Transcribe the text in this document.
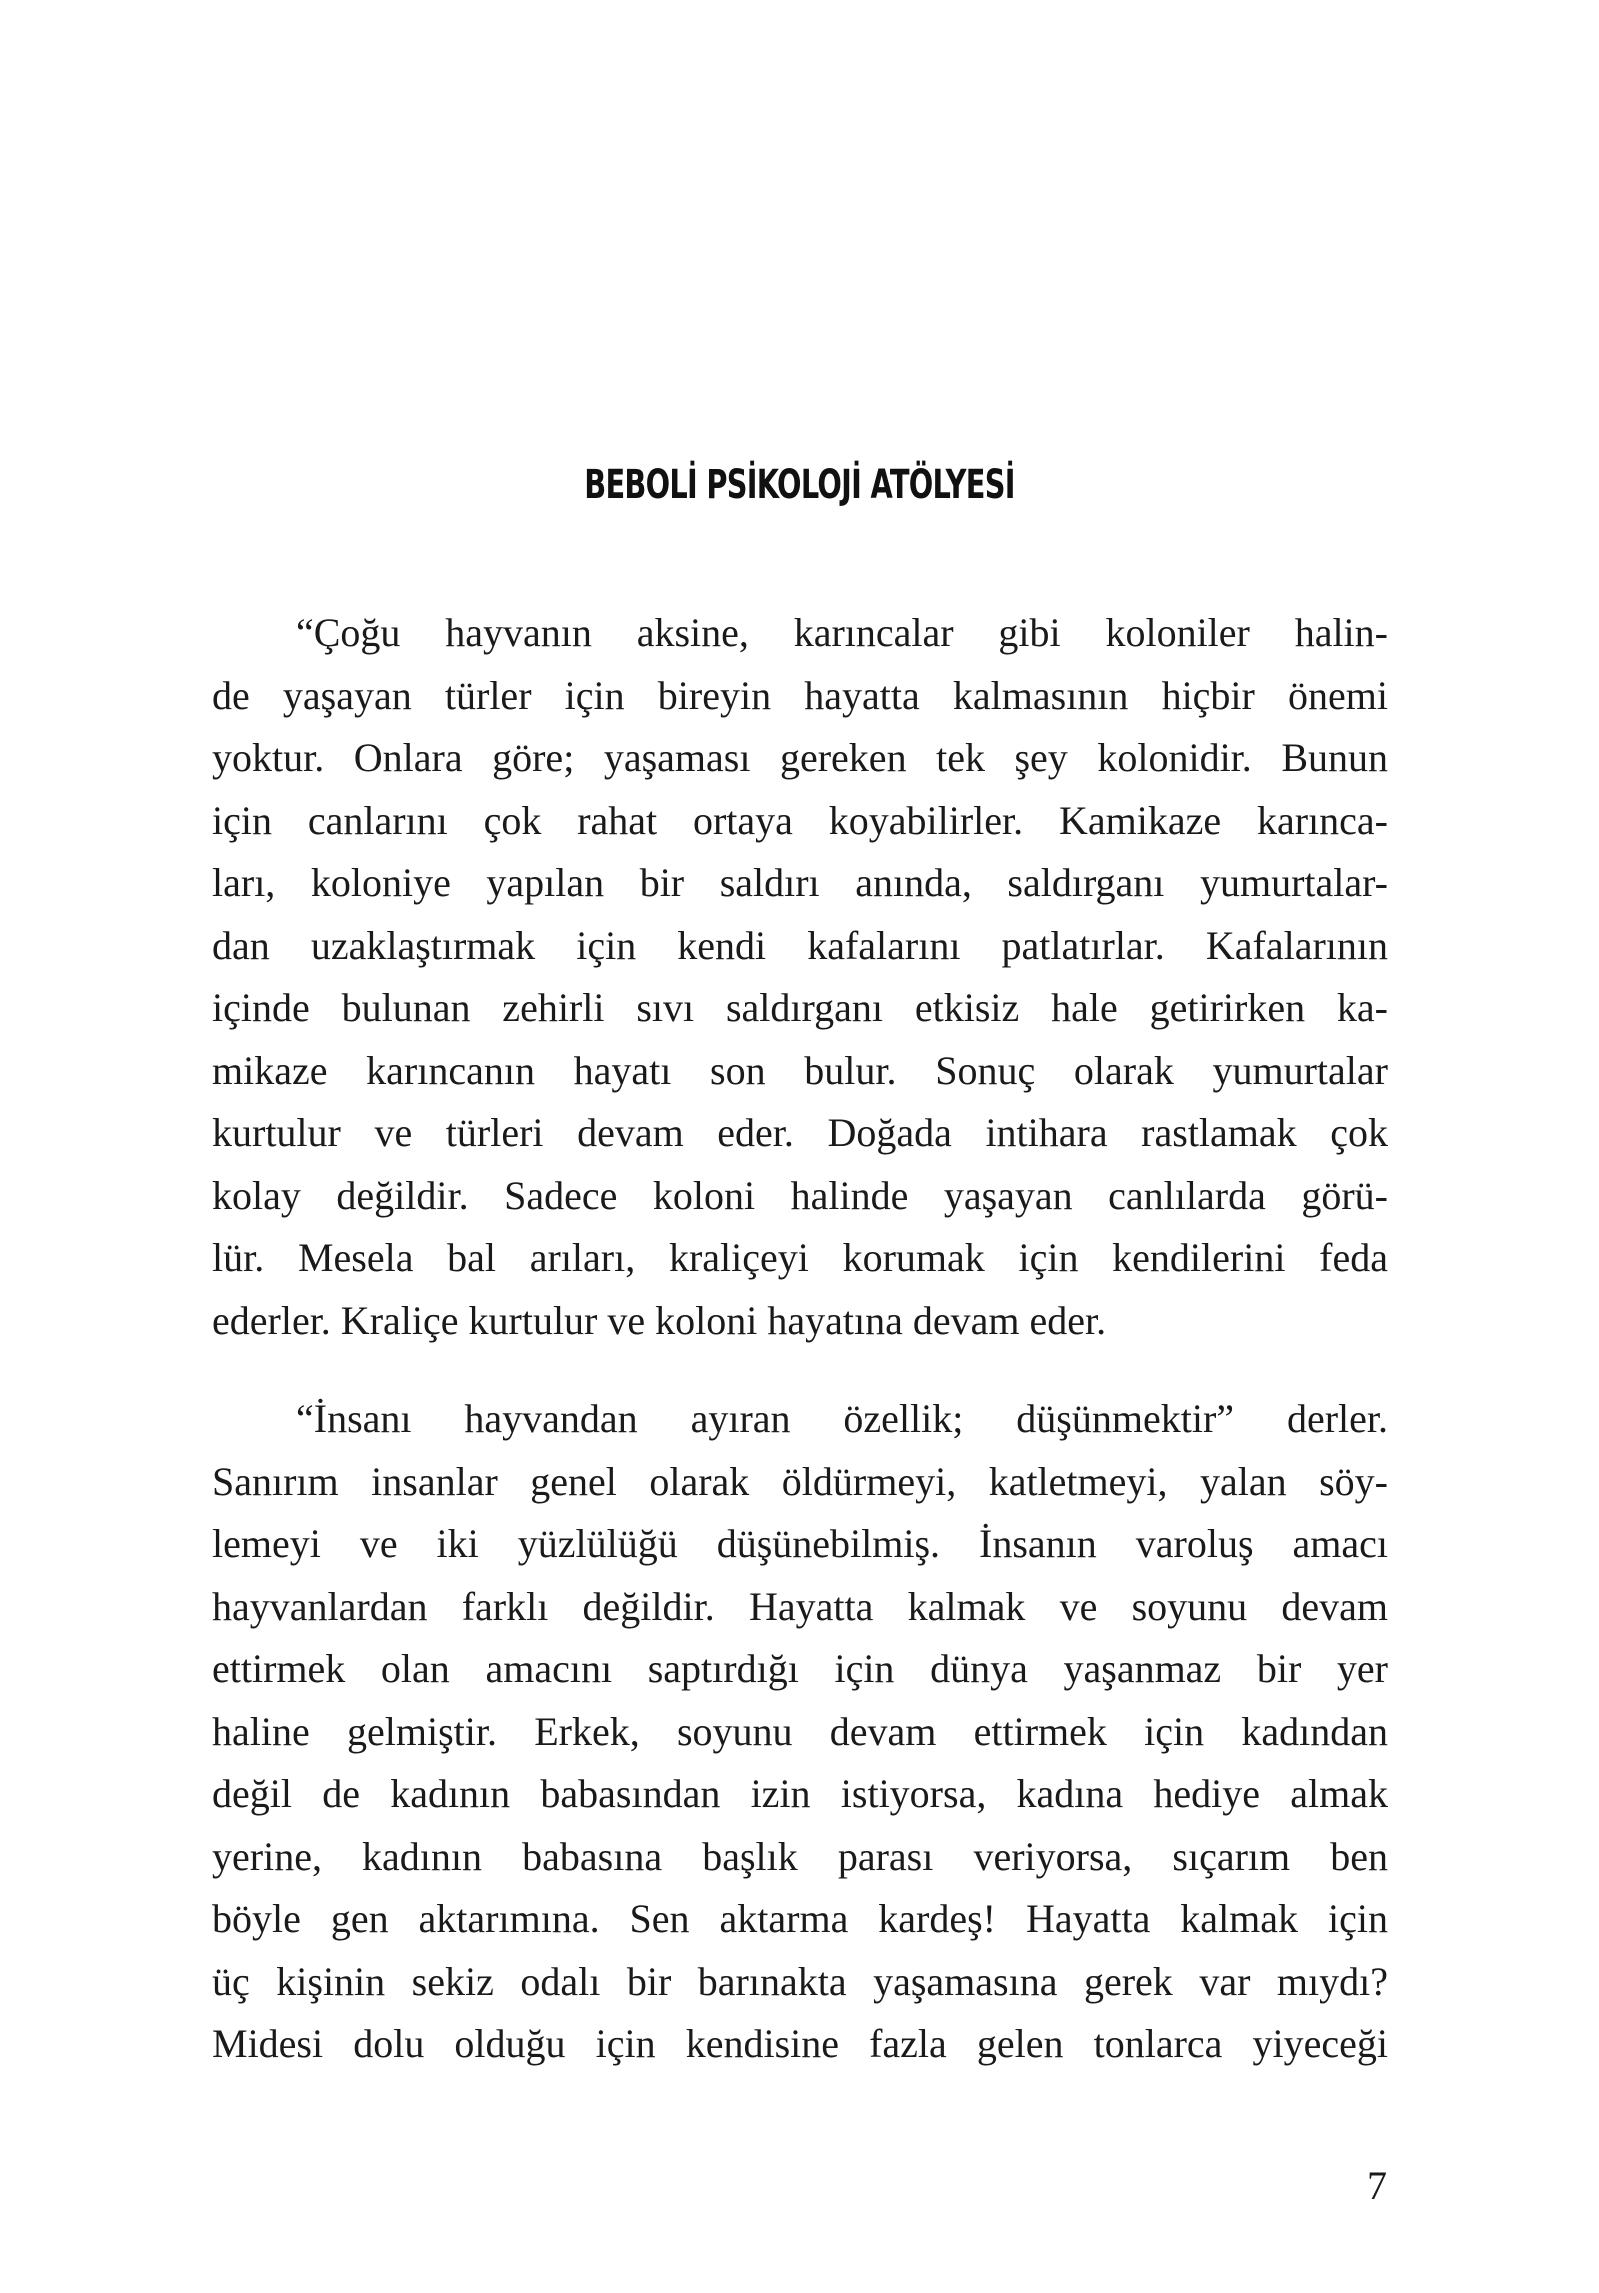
BEBOLİ PSİKOLOJİ ATÖLYESİ

“Çoğu hayvanın aksine, karıncalar gibi koloniler halin-
de yaşayan türler için bireyin hayatta kalmasının hiçbir önemi
yoktur. Onlara göre; yaşaması gereken tek şey kolonidir. Bunun
için canlarını çok rahat ortaya koyabilirler. Kamikaze karınca-
ları, koloniye yapılan bir saldırı anında, saldırganı yumurtalar-
dan uzaklaştırmak için kendi kafalarını patlatırlar. Kafalarının
içinde bulunan zehirli sıvı saldırganı etkisiz hale getirirken ka-
mikaze karıncanın hayatı son bulur. Sonuç olarak yumurtalar
kurtulur ve türleri devam eder. Doğada intihara rastlamak çok
kolay değildir. Sadece koloni halinde yaşayan canlılarda görü-
lür. Mesela bal arıları, kraliçeyi korumak için kendilerini feda
ederler. Kraliçe kurtulur ve koloni hayatına devam eder.

“İnsanı hayvandan ayıran özellik; düşünmektir” derler.
Sanırım insanlar genel olarak öldürmeyi, katletmeyi, yalan söy-
lemeyi ve iki yüzlülüğü düşünebilmiş. İnsanın varoluş amacı
hayvanlardan farklı değildir. Hayatta kalmak ve soyunu devam
ettirmek olan amacını saptırdığı için dünya yaşanmaz bir yer
haline gelmiştir. Erkek, soyunu devam ettirmek için kadından
değil de kadının babasından izin istiyorsa, kadına hediye almak
yerine, kadının babasına başlık parası veriyorsa, sıçarım ben
böyle gen aktarımına. Sen aktarma kardeş! Hayatta kalmak için
üç kişinin sekiz odalı bir barınakta yaşamasına gerek var mıydı?
Midesi dolu olduğu için kendisine fazla gelen tonlarca yiyeceği

7
